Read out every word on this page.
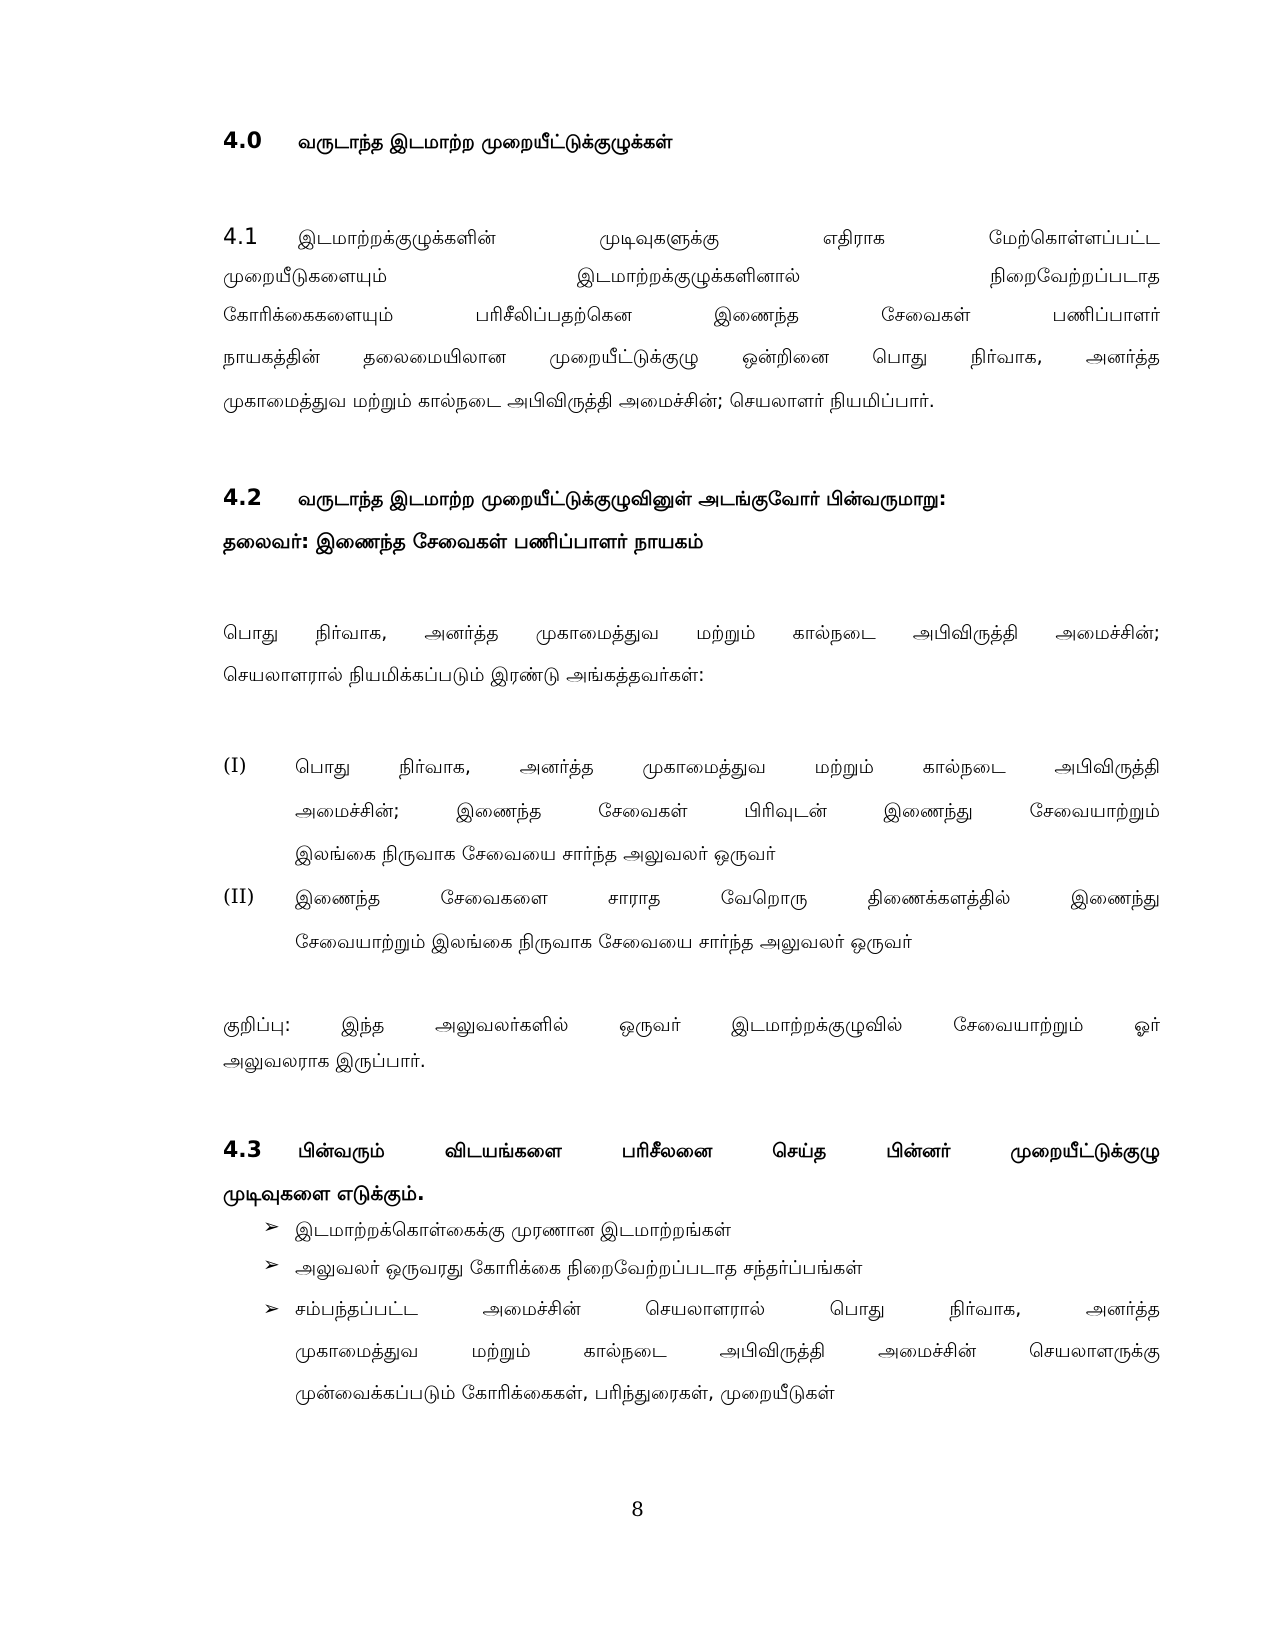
4.0 வருடாந்த இடமாற்ற முறையீட்டுக்குழுக்கள்
4.1 இடமாற்றக்குழுக்களின் முடிவுகளுக்கு எதிராக மேற்கொள்ளப்பட்ட
முறையீடுகளையும் இடமாற்றக்குழுக்களினால் நிறைவேற்றப்படாத
கோரிக்கைகளையும் பரிசீலிப்பதற்கென இணைந்த சேவைகள் பணிப்பாளர்
நாயகத்தின் தலைமையிலான முறையீட்டுக்குழு ஒன்றினை பொது நிர்வாக, அனர்த்த
முகாமைத்துவ மற்றும் கால்நடை அபிவிருத்தி அமைச்சின்; செயலாளர் நியமிப்பார்.
4.2 வருடாந்த இடமாற்ற முறையீட்டுக்குழுவினுள் அடங்குவோர் பின்வருமாறு:
தலைவர்: இணைந்த சேவைகள் பணிப்பாளர் நாயகம்
பொது நிர்வாக, அனர்த்த முகாமைத்துவ மற்றும் கால்நடை அபிவிருத்தி அமைச்சின்;
செயலாளரால் நியமிக்கப்படும் இரண்டு அங்கத்தவர்கள்:
(I)	பொது நிர்வாக, அனர்த்த முகாமைத்துவ மற்றும் கால்நடை அபிவிருத்தி
அமைச்சின்; இணைந்த சேவைகள் பிரிவுடன் இணைந்து சேவையாற்றும்
இலங்கை நிருவாக சேவையை சார்ந்த அலுவலர் ஒருவர்
(II) இணைந்த சேவைகளை சாராத வேறொரு திணைக்களத்தில் இணைந்து
சேவையாற்றும் இலங்கை நிருவாக சேவையை சார்ந்த அலுவலர் ஒருவர்
குறிப்பு: இந்த அலுவலர்களில் ஒருவர் இடமாற்றக்குழுவில் சேவையாற்றும் ஓர்
அலுவலராக இருப்பார்.
4.3 பின்வரும் விடயங்களை பரிசீலனை செய்த பின்னர் முறையீட்டுக்குழு
முடிவுகளை எடுக்கும்.
➢ இடமாற்றக்கொள்கைக்கு முரணான இடமாற்றங்கள்
➢ அலுவலர் ஒருவரது கோரிக்கை நிறைவேற்றப்படாத சந்தர்ப்பங்கள்
➢ சம்பந்தப்பட்ட அமைச்சின் செயலாளரால் பொது நிர்வாக, அனர்த்த
முகாமைத்துவ மற்றும் கால்நடை அபிவிருத்தி அமைச்சின் செயலாளருக்கு
முன்வைக்கப்படும் கோரிக்கைகள், பரிந்துரைகள், முறையீடுகள்
8
